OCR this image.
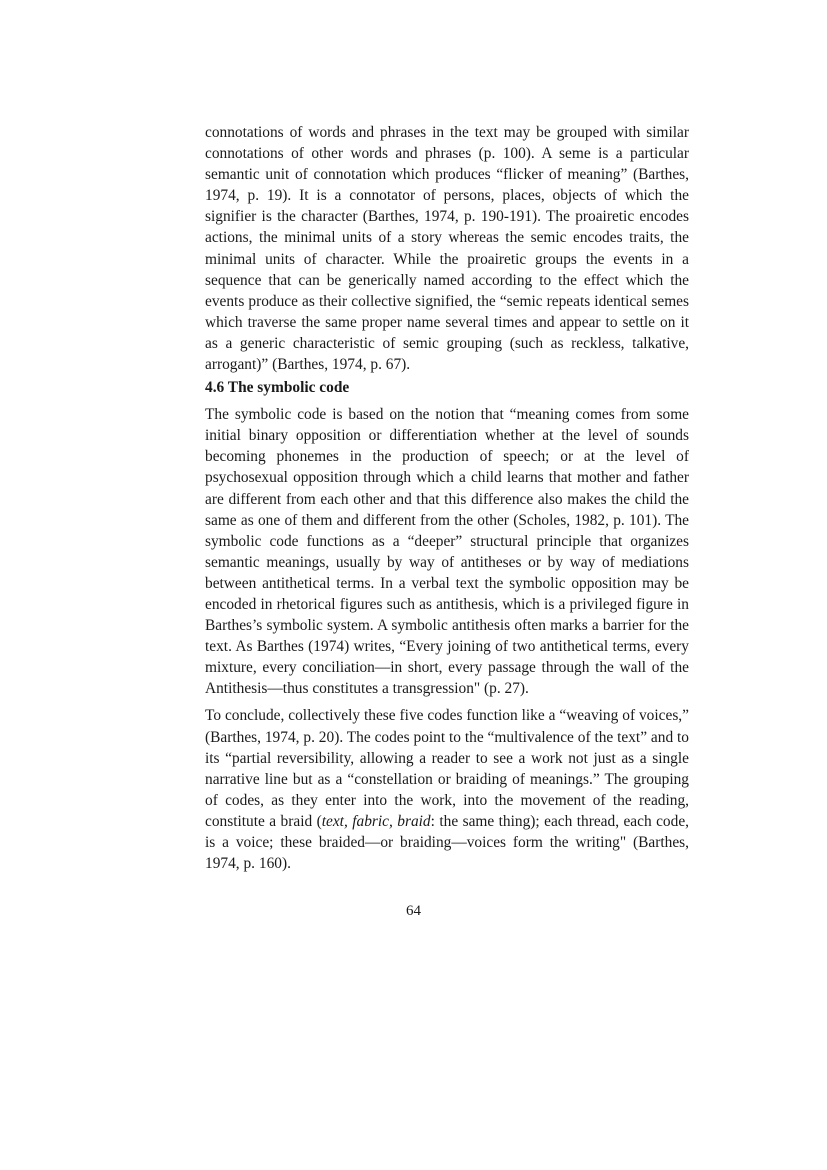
connotations of words and phrases in the text may be grouped with similar connotations of other words and phrases (p. 100). A seme is a particular semantic unit of connotation which produces “flicker of meaning” (Barthes, 1974, p. 19). It is a connotator of persons, places, objects of which the signifier is the character (Barthes, 1974, p. 190-191). The proairetic encodes actions, the minimal units of a story whereas the semic encodes traits, the minimal units of character. While the proairetic groups the events in a sequence that can be generically named according to the effect which the events produce as their collective signified, the “semic repeats identical semes which traverse the same proper name several times and appear to settle on it as a generic characteristic of semic grouping (such as reckless, talkative, arrogant)” (Barthes, 1974, p. 67).

4.6 The symbolic code

The symbolic code is based on the notion that “meaning comes from some initial binary opposition or differentiation whether at the level of sounds becoming phonemes in the production of speech; or at the level of psychosexual opposition through which a child learns that mother and father are different from each other and that this difference also makes the child the same as one of them and different from the other (Scholes, 1982, p. 101). The symbolic code functions as a “deeper” structural principle that organizes semantic meanings, usually by way of antitheses or by way of mediations between antithetical terms. In a verbal text the symbolic opposition may be encoded in rhetorical figures such as antithesis, which is a privileged figure in Barthes’s symbolic system. A symbolic antithesis often marks a barrier for the text. As Barthes (1974) writes, “Every joining of two antithetical terms, every mixture, every conciliation—in short, every passage through the wall of the Antithesis—thus constitutes a transgression" (p. 27).

To conclude, collectively these five codes function like a “weaving of voices,” (Barthes, 1974, p. 20). The codes point to the “multivalence of the text” and to its “partial reversibility, allowing a reader to see a work not just as a single narrative line but as a “constellation or braiding of meanings.” The grouping of codes, as they enter into the work, into the movement of the reading, constitute a braid (text, fabric, braid: the same thing); each thread, each code, is a voice; these braided—or braiding—voices form the writing" (Barthes, 1974, p. 160).

64
